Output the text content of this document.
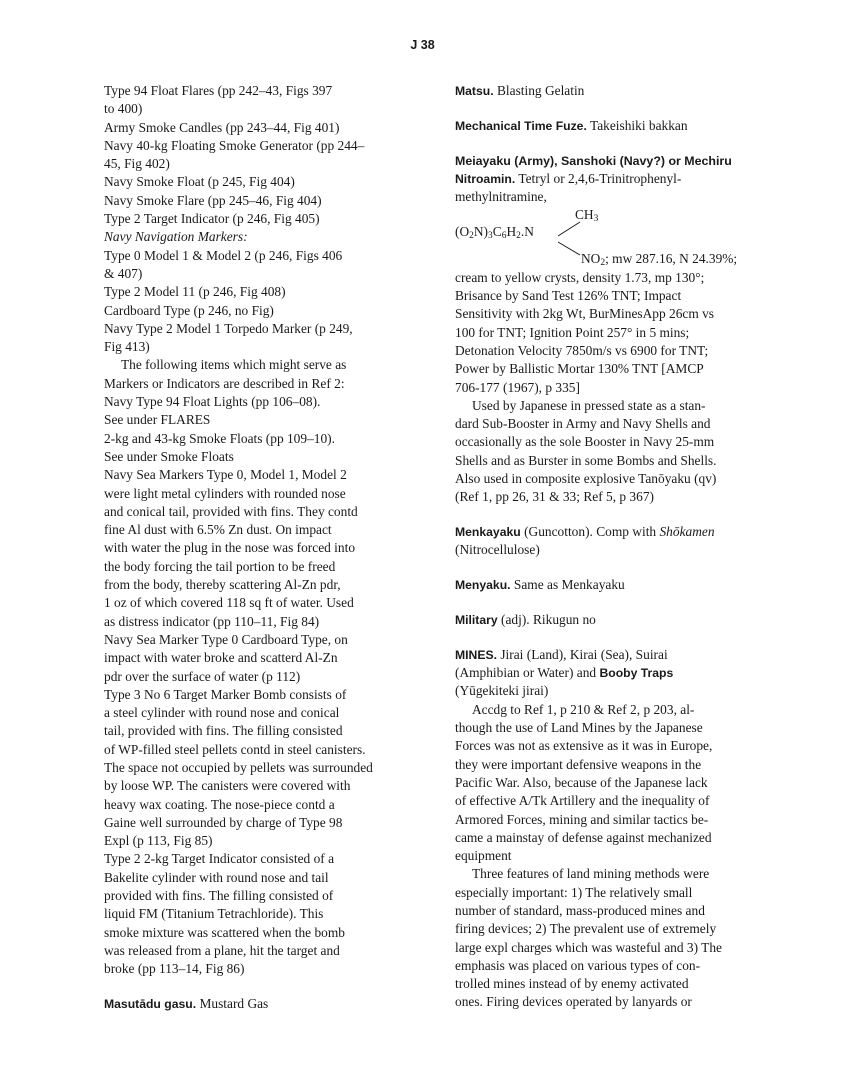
J 38
Type 94 Float Flares (pp 242–43, Figs 397
to 400)
Army Smoke Candles (pp 243–44, Fig 401)
Navy 40-kg Floating Smoke Generator (pp 244–
45, Fig 402)
Navy Smoke Float (p 245, Fig 404)
Navy Smoke Flare (pp 245–46, Fig 404)
Type 2 Target Indicator (p 246, Fig 405)
Navy Navigation Markers:
Type 0 Model 1 & Model 2 (p 246, Figs 406
& 407)
Type 2 Model 11 (p 246, Fig 408)
Cardboard Type (p 246, no Fig)
Navy Type 2 Model 1 Torpedo Marker (p 249,
Fig 413)
The following items which might serve as
Markers or Indicators are described in Ref 2:
Navy Type 94 Float Lights (pp 106–08).
See under FLARES
2-kg and 43-kg Smoke Floats (pp 109–10).
See under Smoke Floats
Navy Sea Markers Type 0, Model 1, Model 2
were light metal cylinders with rounded nose
and conical tail, provided with fins. They contd
fine Al dust with 6.5% Zn dust. On impact
with water the plug in the nose was forced into
the body forcing the tail portion to be freed
from the body, thereby scattering Al-Zn pdr,
1 oz of which covered 118 sq ft of water. Used
as distress indicator (pp 110–11, Fig 84)
Navy Sea Marker Type 0 Cardboard Type, on
impact with water broke and scatterd Al-Zn
pdr over the surface of water (p 112)
Type 3 No 6 Target Marker Bomb consists of
a steel cylinder with round nose and conical
tail, provided with fins. The filling consisted
of WP-filled steel pellets contd in steel canisters.
The space not occupied by pellets was surrounded
by loose WP. The canisters were covered with
heavy wax coating. The nose-piece contd a
Gaine well surrounded by charge of Type 98
Expl (p 113, Fig 85)
Type 2 2-kg Target Indicator consisted of a
Bakelite cylinder with round nose and tail
provided with fins. The filling consisted of
liquid FM (Titanium Tetrachloride). This
smoke mixture was scattered when the bomb
was released from a plane, hit the target and
broke (pp 113–14, Fig 86)
Masutādu gasu. Mustard Gas
Matsu. Blasting Gelatin
Mechanical Time Fuze. Takeishiki bakkan
Meiayaku (Army), Sanshoki (Navy?) or Mechiru
Nitroamin. Tetryl or 2,4,6-Trinitrophenyl-
methylnitramine,
$CH_3$
$(O_2N)_3C_6H_2.N$
$NO_2$; mw 287.16, N 24.39%;
cream to yellow crysts, density 1.73, mp 130°;
Brisance by Sand Test 126% TNT; Impact
Sensitivity with 2kg Wt, BurMinesApp 26cm vs
100 for TNT; Ignition Point 257° in 5 mins;
Detonation Velocity 7850m/s vs 6900 for TNT;
Power by Ballistic Mortar 130% TNT [AMCP
706-177 (1967), p 335]
Used by Japanese in pressed state as a stan-
dard Sub-Booster in Army and Navy Shells and
occasionally as the sole Booster in Navy 25-mm
Shells and as Burster in some Bombs and Shells.
Also used in composite explosive Tanōyaku (qv)
(Ref 1, pp 26, 31 & 33; Ref 5, p 367)
Menkayaku (Guncotton). Comp with Shōkamen
(Nitrocellulose)
Menyaku. Same as Menkayaku
Military (adj). Rikugun no
MINES. Jirai (Land), Kirai (Sea), Suirai
(Amphibian or Water) and Booby Traps
(Yūgekiteki jirai)
Accdg to Ref 1, p 210 & Ref 2, p 203, al-
though the use of Land Mines by the Japanese
Forces was not as extensive as it was in Europe,
they were important defensive weapons in the
Pacific War. Also, because of the Japanese lack
of effective A/Tk Artillery and the inequality of
Armored Forces, mining and similar tactics be-
came a mainstay of defense against mechanized
equipment
Three features of land mining methods were
especially important: 1) The relatively small
number of standard, mass-produced mines and
firing devices; 2) The prevalent use of extremely
large expl charges which was wasteful and 3) The
emphasis was placed on various types of con-
trolled mines instead of by enemy activated
ones. Firing devices operated by lanyards or
